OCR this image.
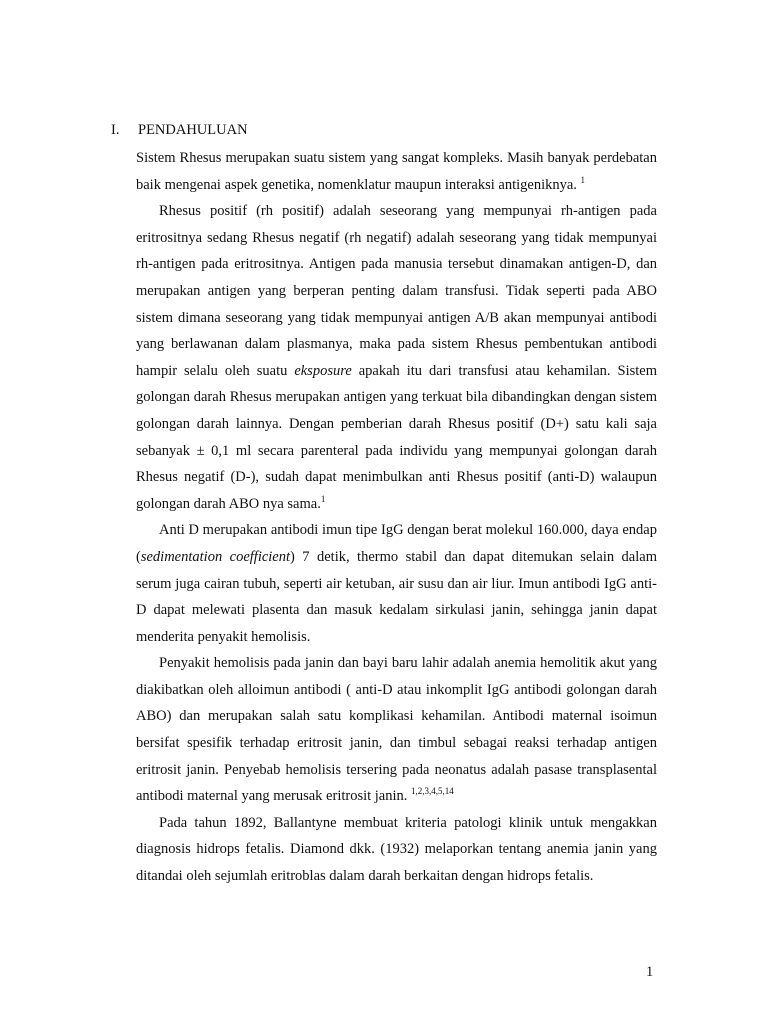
I. PENDAHULUAN

Sistem Rhesus merupakan suatu sistem yang sangat kompleks. Masih banyak perdebatan baik mengenai aspek genetika, nomenklatur maupun interaksi antigeniknya. $^1$

Rhesus positif (rh positif) adalah seseorang yang mempunyai rh-antigen pada eritrositnya sedang Rhesus negatif (rh negatif) adalah seseorang yang tidak mempunyai rh-antigen pada eritrositnya. Antigen pada manusia tersebut dinamakan antigen-D, dan merupakan antigen yang berperan penting dalam transfusi. Tidak seperti pada ABO sistem dimana seseorang yang tidak mempunyai antigen A/B akan mempunyai antibodi yang berlawanan dalam plasmanya, maka pada sistem Rhesus pembentukan antibodi hampir selalu oleh suatu eksposure apakah itu dari transfusi atau kehamilan. Sistem golongan darah Rhesus merupakan antigen yang terkuat bila dibandingkan dengan sistem golongan darah lainnya. Dengan pemberian darah Rhesus positif (D+) satu kali saja sebanyak ± 0,1 ml secara parenteral pada individu yang mempunyai golongan darah Rhesus negatif (D-), sudah dapat menimbulkan anti Rhesus positif (anti-D) walaupun golongan darah ABO nya sama.$^1$

Anti D merupakan antibodi imun tipe IgG dengan berat molekul 160.000, daya endap (sedimentation coefficient) 7 detik, thermo stabil dan dapat ditemukan selain dalam serum juga cairan tubuh, seperti air ketuban, air susu dan air liur. Imun antibodi IgG anti-D dapat melewati plasenta dan masuk kedalam sirkulasi janin, sehingga janin dapat menderita penyakit hemolisis.

Penyakit hemolisis pada janin dan bayi baru lahir adalah anemia hemolitik akut yang diakibatkan oleh alloimun antibodi ( anti-D atau inkomplit IgG antibodi golongan darah ABO) dan merupakan salah satu komplikasi kehamilan. Antibodi maternal isoimun bersifat spesifik terhadap eritrosit janin, dan timbul sebagai reaksi terhadap antigen eritrosit janin. Penyebab hemolisis tersering pada neonatus adalah pasase transplasental antibodi maternal yang merusak eritrosit janin. $^{1,2,3,4,5,14}$

Pada tahun 1892, Ballantyne membuat kriteria patologi klinik untuk mengakkan diagnosis hidrops fetalis. Diamond dkk. (1932) melaporkan tentang anemia janin yang ditandai oleh sejumlah eritroblas dalam darah berkaitan dengan hidrops fetalis.

1
